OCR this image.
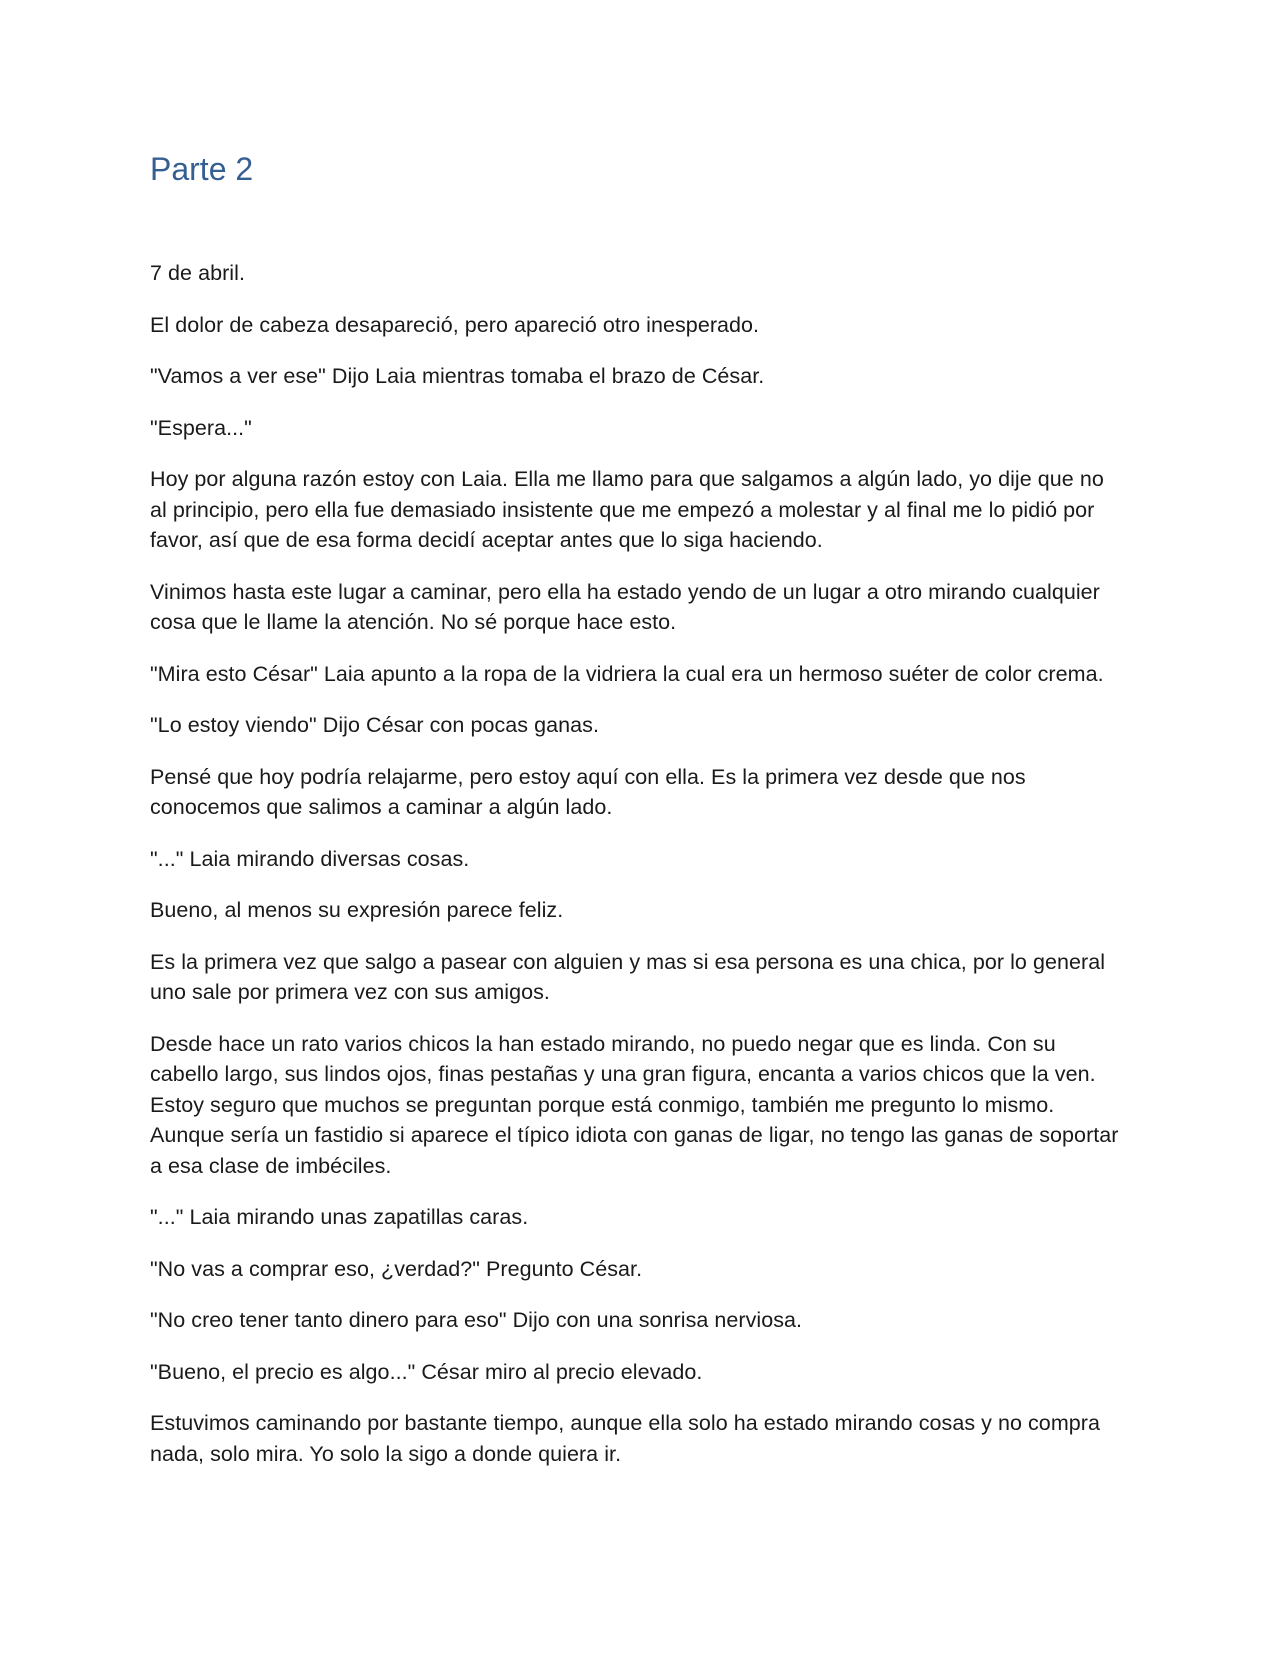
Parte 2

7 de abril.

El dolor de cabeza desapareció, pero apareció otro inesperado.

"Vamos a ver ese" Dijo Laia mientras tomaba el brazo de César.

"Espera..."

Hoy por alguna razón estoy con Laia. Ella me llamo para que salgamos a algún lado, yo dije que no al principio, pero ella fue demasiado insistente que me empezó a molestar y al final me lo pidió por favor, así que de esa forma decidí aceptar antes que lo siga haciendo.

Vinimos hasta este lugar a caminar, pero ella ha estado yendo de un lugar a otro mirando cualquier cosa que le llame la atención. No sé porque hace esto.

"Mira esto César" Laia apunto a la ropa de la vidriera la cual era un hermoso suéter de color crema.

"Lo estoy viendo" Dijo César con pocas ganas.

Pensé que hoy podría relajarme, pero estoy aquí con ella. Es la primera vez desde que nos conocemos que salimos a caminar a algún lado.

"..." Laia mirando diversas cosas.

Bueno, al menos su expresión parece feliz.

Es la primera vez que salgo a pasear con alguien y mas si esa persona es una chica, por lo general uno sale por primera vez con sus amigos.

Desde hace un rato varios chicos la han estado mirando, no puedo negar que es linda. Con su cabello largo, sus lindos ojos, finas pestañas y una gran figura, encanta a varios chicos que la ven. Estoy seguro que muchos se preguntan porque está conmigo, también me pregunto lo mismo. Aunque sería un fastidio si aparece el típico idiota con ganas de ligar, no tengo las ganas de soportar a esa clase de imbéciles.

"..." Laia mirando unas zapatillas caras.

"No vas a comprar eso, ¿verdad?" Pregunto César.

"No creo tener tanto dinero para eso" Dijo con una sonrisa nerviosa.

"Bueno, el precio es algo..." César miro al precio elevado.

Estuvimos caminando por bastante tiempo, aunque ella solo ha estado mirando cosas y no compra nada, solo mira. Yo solo la sigo a donde quiera ir.
